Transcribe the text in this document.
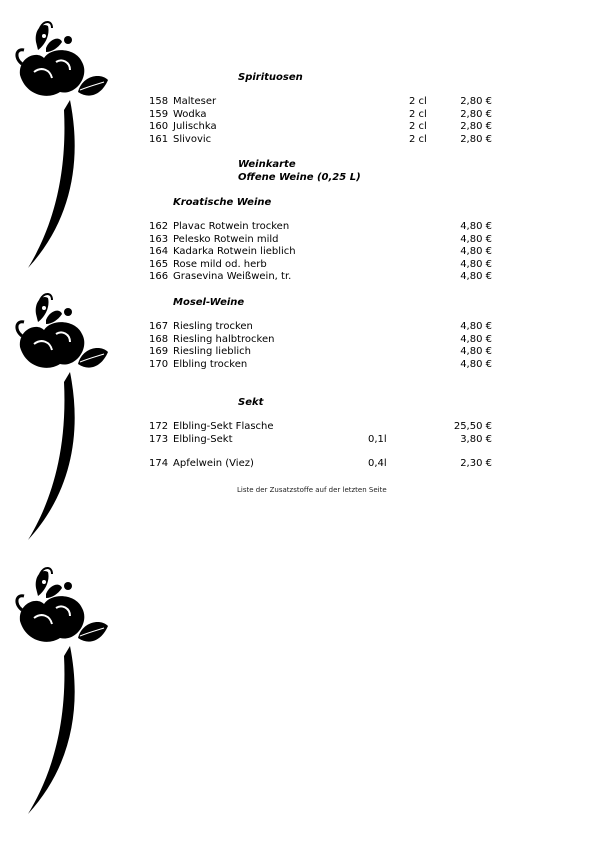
Spirituosen
158 Malteser	2 cl	2,80 €
159 Wodka	2 cl	2,80 €
160 Julischka	2 cl	2,80 €
161 Slivovic	2 cl	2,80 €
Weinkarte
Offene Weine (0,25 L)
Kroatische Weine
162 Plavac Rotwein trocken	4,80 €
163 Pelesko Rotwein mild	4,80 €
164 Kadarka Rotwein lieblich	4,80 €
165 Rose mild od. herb	4,80 €
166 Grasevina Weißwein, tr.	4,80 €
Mosel-Weine
167 Riesling trocken	4,80 €
168 Riesling halbtrocken	4,80 €
169 Riesling lieblich	4,80 €
170 Elbling trocken	4,80 €
Sekt
172 Elbling-Sekt Flasche	25,50 €
173 Elbling-Sekt	0,1l	3,80 €
174 Apfelwein (Viez)	0,4l	2,30 €
Liste der Zusatzstoffe auf der letzten Seite
